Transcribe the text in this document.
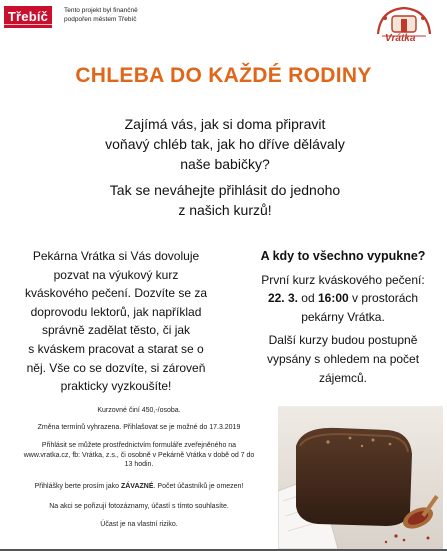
Třebíč	Tento projekt byl finančně
podpořen městem Třebíč
Vrátka
CHLEBA DO KAŽDÉ RODINY
Zajímá vás, jak si doma připravit
voňavý chléb tak, jak ho dříve dělávaly
naše babičky?
Tak se neváhejte přihlásit do jednoho
z našich kurzů!
Pekárna Vrátka si Vás dovoluje
pozvat na výukový kurz
kváskového pečení. Dozvíte se za
doprovodu lektorů, jak například
správně zadělat těsto, či jak
s kváskem pracovat a starat se o
něj. Vše co se dozvíte, si zároveň
prakticky vyzkoušíte!
A kdy to všechno vypukne?
První kurz kváskového pečení:
22. 3. od 16:00 v prostorách
pekárny Vrátka.
Další kurzy budou postupně
vypsány s ohledem na počet
zájemců.
Kurzovné činí 450,-/osoba.
Změna termínů vyhrazena. Přihlašovat se je možné do 17.3.2019
Přihlásit se můžete prostřednictvím formuláře zveřejněného na
www.vratka.cz, fb: Vrátka, z.s., či osobně v Pekárně Vrátka v době od 7 do
13 hodin.
Přihlášky berte prosím jako ZÁVAZNÉ. Počet účastníků je omezen!
Na akci se pořizují fotozáznamy, účastí s tímto souhlasíte.
Účast je na vlastní riziko.
